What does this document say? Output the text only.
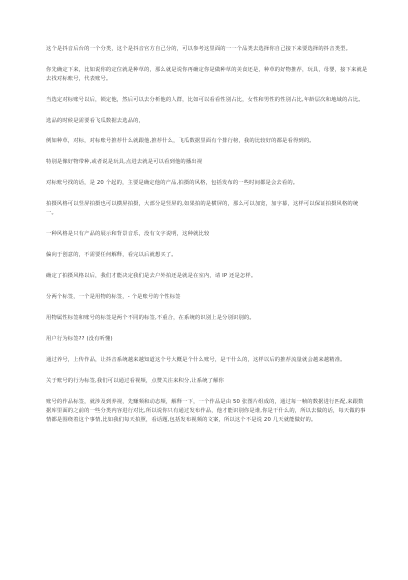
这个是抖音后台的一个分类，这个是抖音官方自己分的，可以参考这里面的一一个品类去选择你自己接下来要选择的抖音类型。

你先确定下来，比如说你的定位就是种草的，那么就是说你再确定你是做种草的美食还是，种草的好物推荐，玩具，母婴，接下来就是去找对标账号，代表账号。

当选定对标账号以后，锁定他，然后可以去分析他的人群，比如可以看看性别占比，女性和男性的性别占比,年龄层次和地域的占比。

选品的时候是需要看飞瓜数据去选品的，

例如种草，对标，对标账号推荐什么就跟他,推荐什么，飞瓜数据里面有个排行榜，我的比较好的都是看得到的。

特别是像好物带种,或者说是玩具,点进去就是可以看到他的播出视

对标账号找的话，是 20 个起的，主要是确定他的产品,拍摄的风格，包括发布的一些时间都是会去看的。

拍摄风格可以竖屏拍摄也可以横屏拍摄，大部分是竖屏的,如果拍的是横屏的，那么可以加宽，加字幕，这样可以保证拍摄风格的统一。

一种风格是只有产品的展示和背景音乐，没有文字说明，这种就比较

偏向于创意的，不需要任何解释，看完以后就想买了。

确定了拍摄风格以后，我们才能决定我们是去户外拍还是就是在室内，请 IP 还是怎样。

分两个标签，一个是用物的标签，- 个是账号的个性标签

用物属性标签和账号的标签是两个不同的标签,不重合，在系统的识别上是分别识别的。

用户行为标签?? (没有听懂)

通过养号，上传作品，让抖音系统越来越知道这个号大概是个什么账号，是干什么的，这样以后的推荐流量就会越来越精准。

关于账号的行为标签,我们可以通过看视频，点赞关注来积分,让系统了解你

账号的作品标签，就涉及到养视，先赚频和动态频，解释一下，一个作品是由 50 张图片组成的，通过每一帧的数据进行匹配,来跟数据库里面的之前的一些分类内容进行对比,所以说你只有通过发布作品，他才能识别你是谁,你是干什么的，所以去做的话，每天做的事情都是围绕着这个事情,比如我们每天拍照，看话题,包括发布视频的文案，所以这个不是说 20 几天就能做好的。
